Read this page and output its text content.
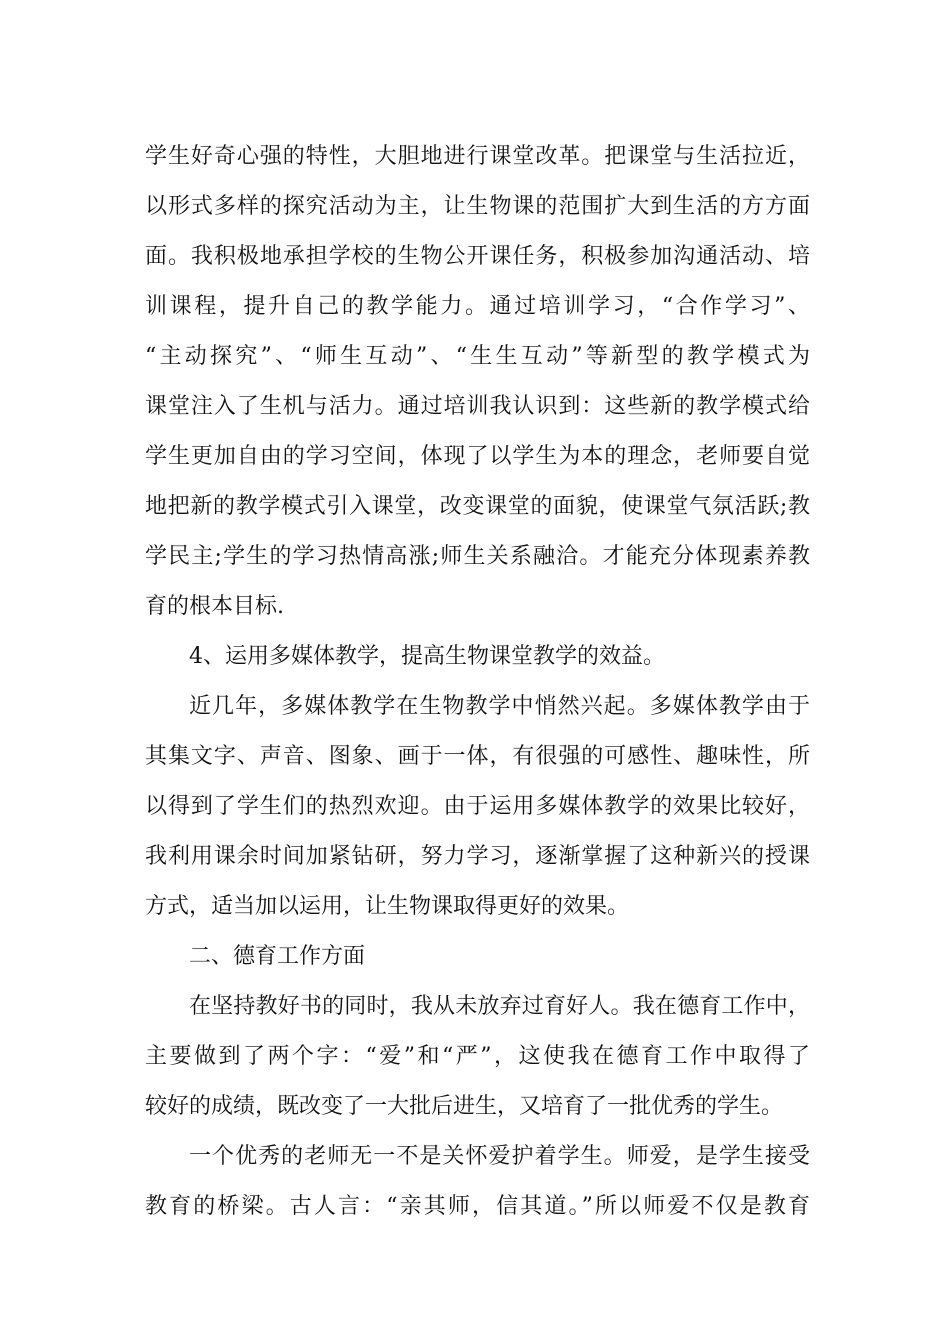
学生好奇心强的特性，大胆地进行课堂改革。把课堂与生活拉近，
以形式多样的探究活动为主，让生物课的范围扩大到生活的方方面
面。我积极地承担学校的生物公开课任务，积极参加沟通活动、培
训课程，提升自己的教学能力。通过培训学习，“合作学习”、
“主动探究”、“师生互动”、“生生互动”等新型的教学模式为
课堂注入了生机与活力。通过培训我认识到：这些新的教学模式给
学生更加自由的学习空间，体现了以学生为本的理念，老师要自觉
地把新的教学模式引入课堂，改变课堂的面貌，使课堂气氛活跃;教
学民主;学生的学习热情高涨;师生关系融洽。才能充分体现素养教
育的根本目标.
4、运用多媒体教学，提高生物课堂教学的效益。
近几年，多媒体教学在生物教学中悄然兴起。多媒体教学由于
其集文字、声音、图象、画于一体，有很强的可感性、趣味性，所
以得到了学生们的热烈欢迎。由于运用多媒体教学的效果比较好，
我利用课余时间加紧钻研，努力学习，逐渐掌握了这种新兴的授课
方式，适当加以运用，让生物课取得更好的效果。
二、德育工作方面
在坚持教好书的同时，我从未放弃过育好人。我在德育工作中，
主要做到了两个字：“爱”和“严”，这使我在德育工作中取得了
较好的成绩，既改变了一大批后进生，又培育了一批优秀的学生。
一个优秀的老师无一不是关怀爱护着学生。师爱，是学生接受
教育的桥梁。古人言：“亲其师，信其道。”所以师爱不仅是教育
